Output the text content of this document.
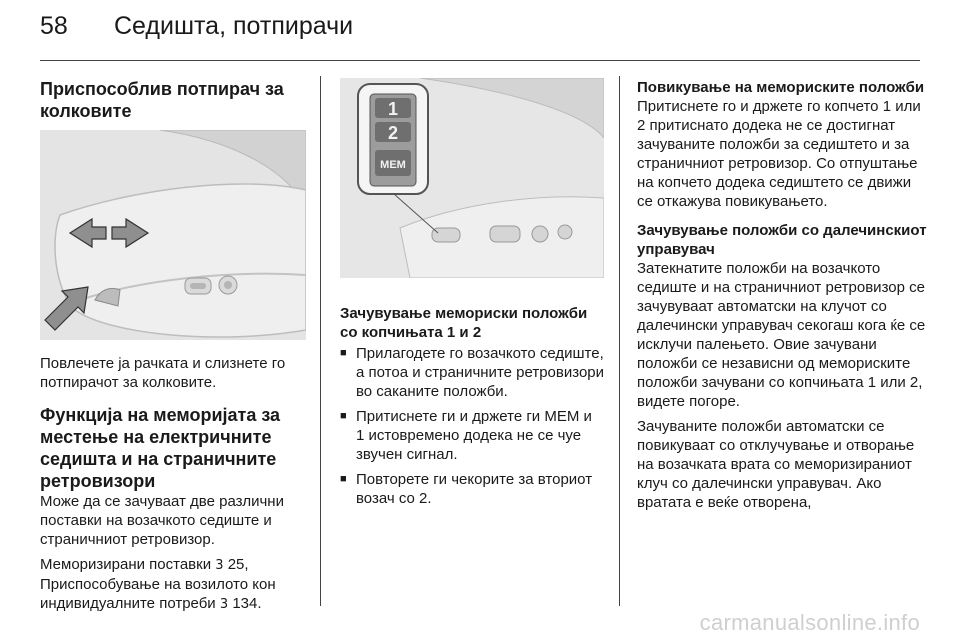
58 Седишта, потпирачи
Приспособлив потпирач за колковите

Повлечете ја рачката и слизнете го потпирачот за колковите.

Функција на меморијата за местење на електричните седишта и на страничните ретровизори

Може да се зачуваат две различни поставки на возачкото седиште и страничниот ретровизор.

Меморизирани поставки 3 25, Приспособување на возилото кон индивидуалните потреби 3 134.

1
2
MEM
Зачувување мемориски положби со копчињата 1 и 2
■ Прилагодете го возачкото седиште, а потоа и страничните ретровизори во саканите положби.
■ Притиснете ги и држете ги MEM и 1 истовремено додека не се чуе звучен сигнал.
■ Повторете ги чекорите за вториот возач со 2.
Повикување на меморискитe положби

Притиснете го и држете го копчето 1 или 2 притиснато додека не се достигнат зачуваните положби за седиштето и за страничниот ретровизор. Со отпуштање на копчето додека седиштето се движи се откажува повикувањето.

Зачувување положби со далечинскиот управувач

Затекнатите положби на возачкото седиште и на страничниот ретровизор се зачувуваат автоматски на клучот со далечински управувач секогаш кога ќе се исклучи палењето. Овие зачувани положби се независни од меморискитe положби зачувани со копчињата 1 или 2, видете погоре.

Зачуваните положби автоматски се повикуваат со отклучување и отворање на возачката врата со меморизираниот клуч со далечински управувач. Ако вратата е веќе отворена,

carmanualsonline.info
